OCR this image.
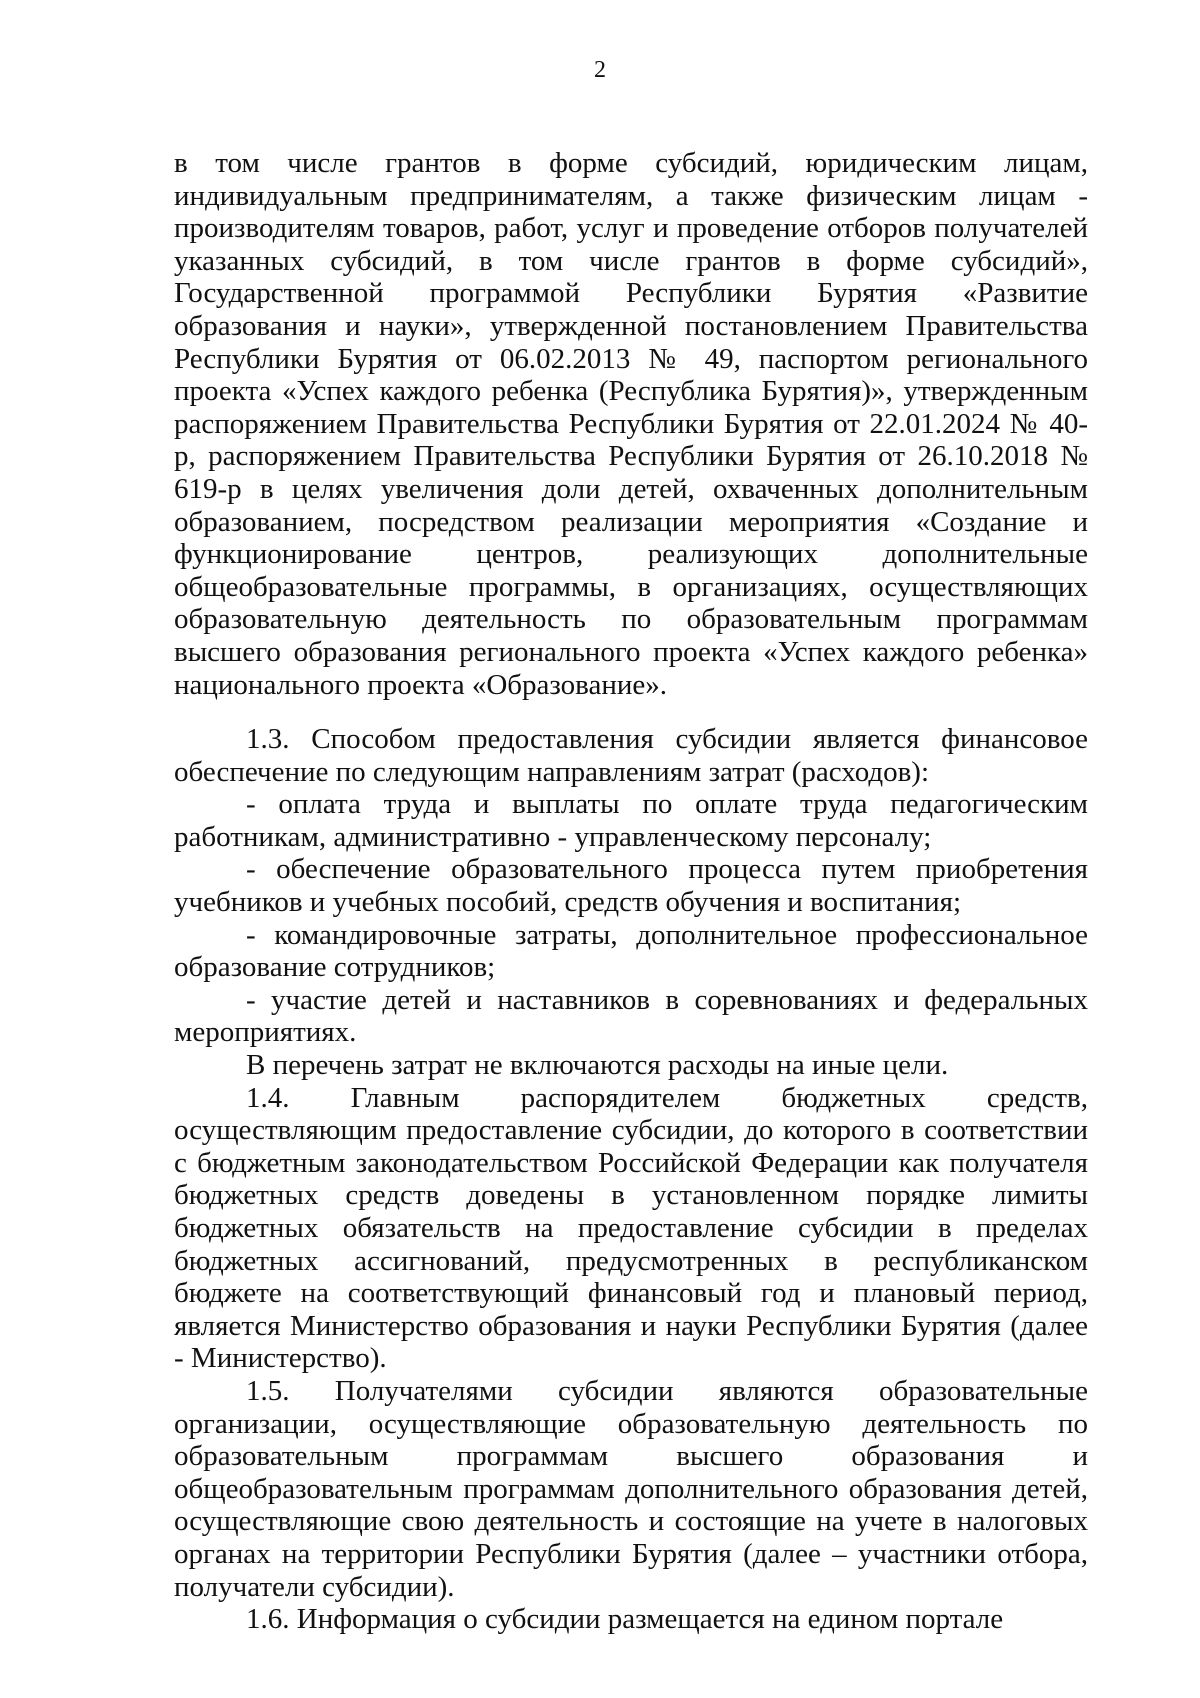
2

в том числе грантов в форме субсидий, юридическим лицам, индивидуальным предпринимателям, а также физическим лицам - производителям товаров, работ, услуг и проведение отборов получателей указанных субсидий, в том числе грантов в форме субсидий», Государственной программой Республики Бурятия «Развитие образования и науки», утвержденной постановлением Правительства Республики Бурятия от 06.02.2013 № 49, паспортом регионального проекта «Успех каждого ребенка (Республика Бурятия)», утвержденным распоряжением Правительства Республики Бурятия от 22.01.2024 № 40-р, распоряжением Правительства Республики Бурятия от 26.10.2018 № 619-р в целях увеличения доли детей, охваченных дополнительным образованием, посредством реализации мероприятия «Создание и функционирование центров, реализующих дополнительные общеобразовательные программы, в организациях, осуществляющих образовательную деятельность по образовательным программам высшего образования регионального проекта «Успех каждого ребенка» национального проекта «Образование».

1.3. Способом предоставления субсидии является финансовое обеспечение по следующим направлениям затрат (расходов):

- оплата труда и выплаты по оплате труда педагогическим работникам, административно - управленческому персоналу;

- обеспечение образовательного процесса путем приобретения учебников и учебных пособий, средств обучения и воспитания;

- командировочные затраты, дополнительное профессиональное образование сотрудников;

- участие детей и наставников в соревнованиях и федеральных мероприятиях.

В перечень затрат не включаются расходы на иные цели.

1.4. Главным распорядителем бюджетных средств, осуществляющим предоставление субсидии, до которого в соответствии с бюджетным законодательством Российской Федерации как получателя бюджетных средств доведены в установленном порядке лимиты бюджетных обязательств на предоставление субсидии в пределах бюджетных ассигнований, предусмотренных в республиканском бюджете на соответствующий финансовый год и плановый период, является Министерство образования и науки Республики Бурятия (далее - Министерство).

1.5. Получателями субсидии являются образовательные организации, осуществляющие образовательную деятельность по образовательным программам высшего образования и общеобразовательным программам дополнительного образования детей, осуществляющие свою деятельность и состоящие на учете в налоговых органах на территории Республики Бурятия (далее – участники отбора, получатели субсидии).

1.6. Информация о субсидии размещается на едином портале
